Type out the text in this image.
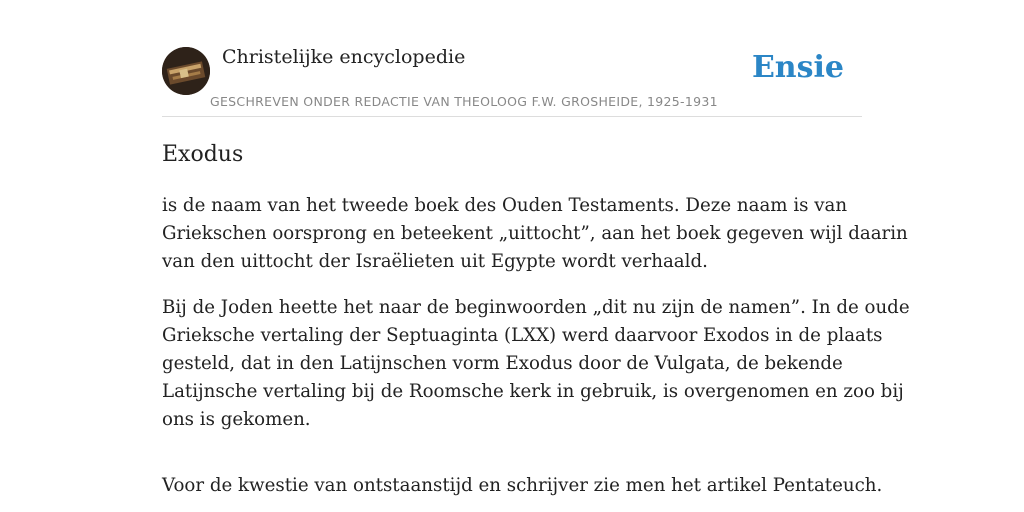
Christelijke encyclopedie
GESCHREVEN ONDER REDACTIE VAN THEOLOOG F.W. GROSHEIDE, 1925-1931
Ensie
Exodus

is de naam van het tweede boek des Ouden Testaments. Deze naam is van
Griekschen oorsprong en beteekent „uittocht”, aan het boek gegeven wijl daarin
van den uittocht der Israëlieten uit Egypte wordt verhaald.

Bij de Joden heette het naar de beginwoorden „dit nu zijn de namen”. In de oude
Grieksche vertaling der Septuaginta (LXX) werd daarvoor Exodos in de plaats
gesteld, dat in den Latijnschen vorm Exodus door de Vulgata, de bekende
Latijnsche vertaling bij de Roomsche kerk in gebruik, is overgenomen en zoo bij
ons is gekomen.

Voor de kwestie van ontstaanstijd en schrijver zie men het artikel Pentateuch.
